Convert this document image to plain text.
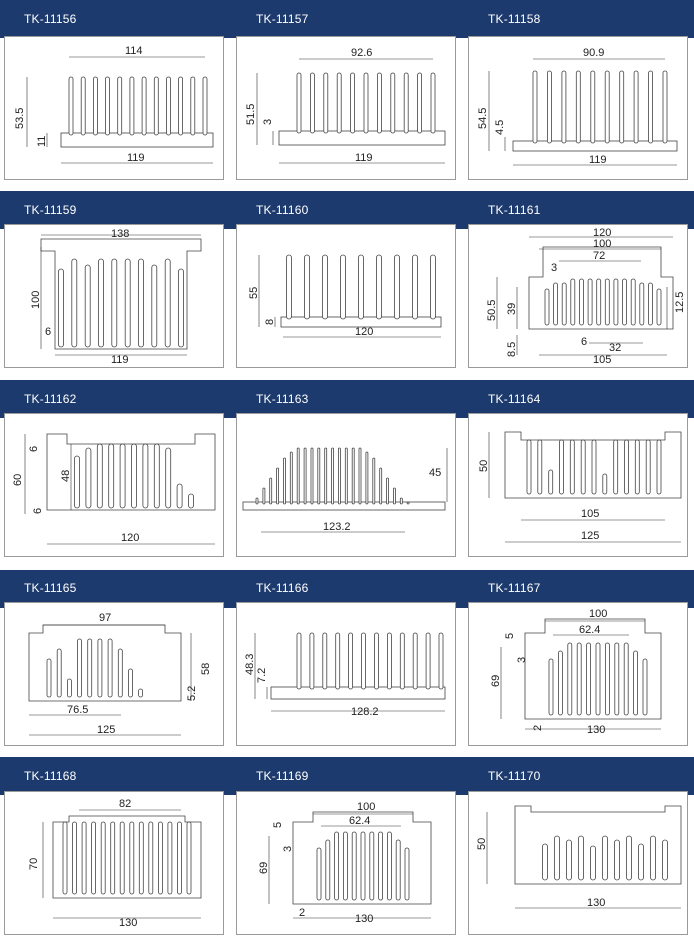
TK-11156	TK-11157	TK-11158
114
53.5
11
119
92.6
51.5 3
119
90.9
54.5 4.5
119
TK-11159	TK-11160	TK-11161
138
100
6
119
55
8
120
120
100
72
3
50.5 39	12.5
8.5	6 32
105
TK-11162	TK-11163	TK-11164
6
60	48
6
120
45
123.2
50
105
125
TK-11165	TK-11166	TK-11167
97
58
5.2
76.5
125
48.3
7.2
128.2
100
62.4
5
3
69
2	130
TK-11168	TK-11169	TK-11170
82
70
130
100
62.4
5
3
69
2	130
50
130
